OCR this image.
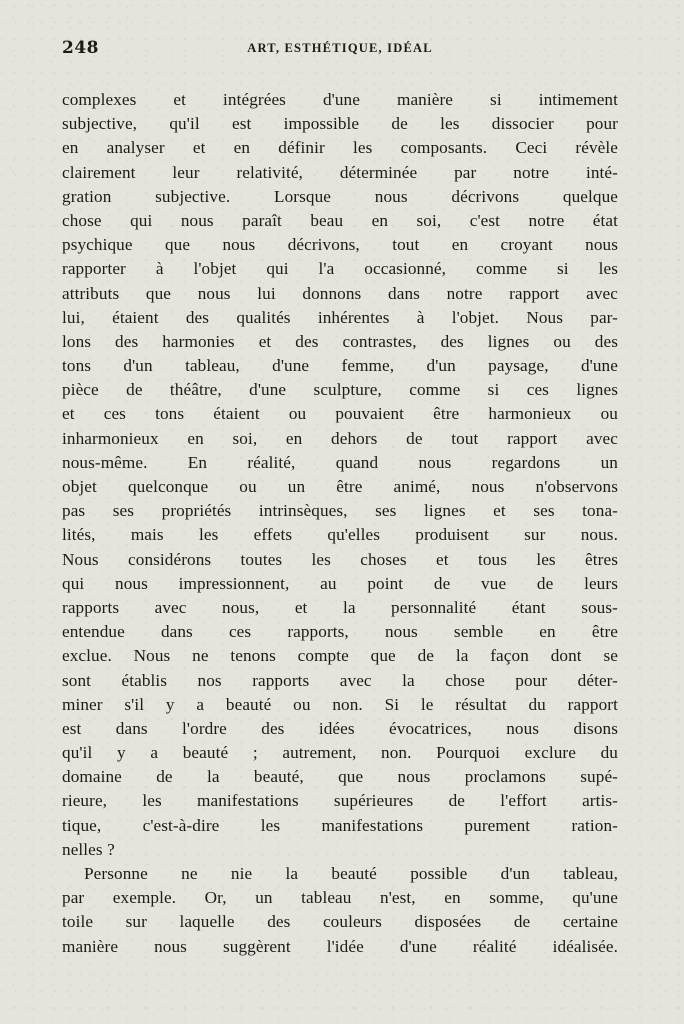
248	ART, ESTHÉTIQUE, IDÉAL
complexes et intégrées d'une manière si intimement
subjective, qu'il est impossible de les dissocier pour
en analyser et en définir les composants. Ceci révèle
clairement leur relativité, déterminée par notre inté-
gration subjective. Lorsque nous décrivons quelque
chose qui nous paraît beau en soi, c'est notre état
psychique que nous décrivons, tout en croyant nous
rapporter à l'objet qui l'a occasionné, comme si les
attributs que nous lui donnons dans notre rapport avec
lui, étaient des qualités inhérentes à l'objet. Nous par-
lons des harmonies et des contrastes, des lignes ou des
tons d'un tableau, d'une femme, d'un paysage, d'une
pièce de théâtre, d'une sculpture, comme si ces lignes
et ces tons étaient ou pouvaient être harmonieux ou
inharmonieux en soi, en dehors de tout rapport avec
nous-même. En réalité, quand nous regardons un
objet quelconque ou un être animé, nous n'observons
pas ses propriétés intrinsèques, ses lignes et ses tona-
lités, mais les effets qu'elles produisent sur nous.
Nous considérons toutes les choses et tous les êtres
qui nous impressionnent, au point de vue de leurs
rapports avec nous, et la personnalité étant sous-
entendue dans ces rapports, nous semble en être
exclue. Nous ne tenons compte que de la façon dont se
sont établis nos rapports avec la chose pour déter-
miner s'il y a beauté ou non. Si le résultat du rapport
est dans l'ordre des idées évocatrices, nous disons
qu'il y a beauté ; autrement, non. Pourquoi exclure du
domaine de la beauté, que nous proclamons supé-
rieure, les manifestations supérieures de l'effort artis-
tique, c'est-à-dire les manifestations purement ration-
nelles ?
Personne ne nie la beauté possible d'un tableau,
par exemple. Or, un tableau n'est, en somme, qu'une
toile sur laquelle des couleurs disposées de certaine
manière nous suggèrent l'idée d'une réalité idéalisée.
